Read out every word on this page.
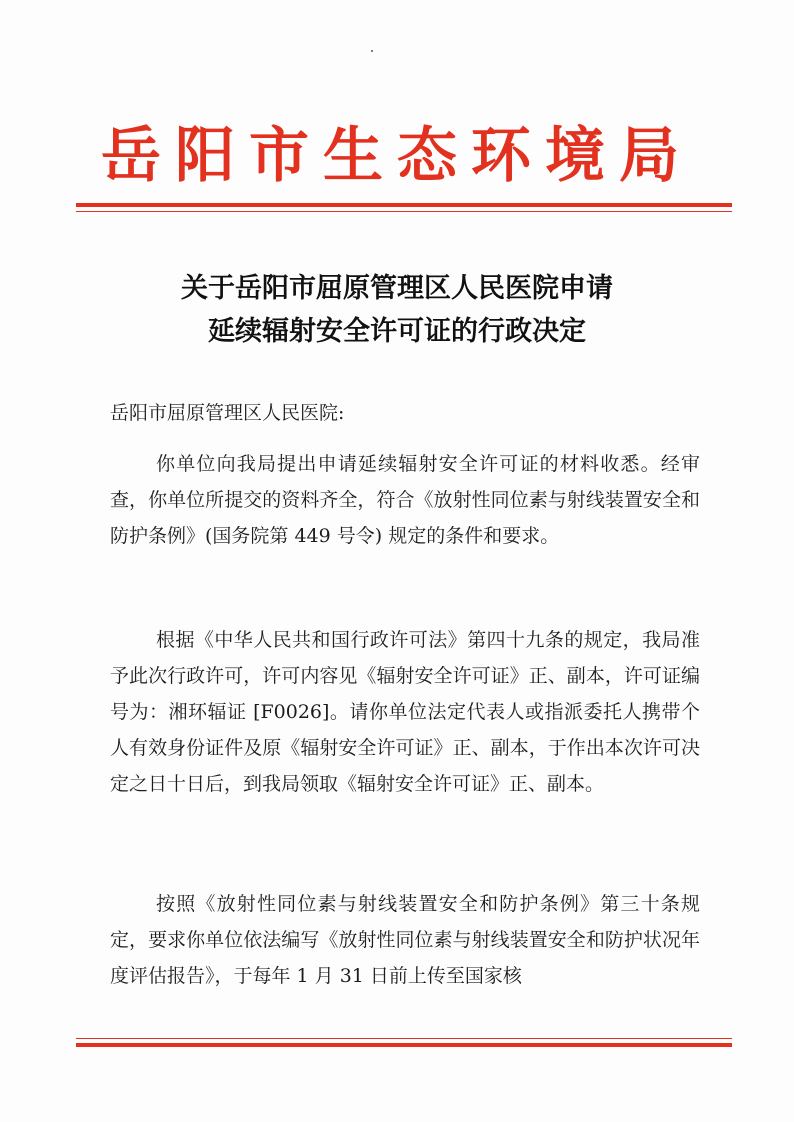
岳阳市生态环境局
关于岳阳市屈原管理区人民医院申请
延续辐射安全许可证的行政决定
岳阳市屈原管理区人民医院:
你单位向我局提出申请延续辐射安全许可证的材料收悉。经审查，你单位所提交的资料齐全，符合《放射性同位素与射线装置安全和防护条例》(国务院第 449 号令) 规定的条件和要求。
根据《中华人民共和国行政许可法》第四十九条的规定，我局准予此次行政许可，许可内容见《辐射安全许可证》正、副本，许可证编号为：湘环辐证 [F0026]。请你单位法定代表人或指派委托人携带个人有效身份证件及原《辐射安全许可证》正、副本，于作出本次许可决定之日十日后，到我局领取《辐射安全许可证》正、副本。
按照《放射性同位素与射线装置安全和防护条例》第三十条规定，要求你单位依法编写《放射性同位素与射线装置安全和防护状况年度评估报告》，于每年 1 月 31 日前上传至国家核
